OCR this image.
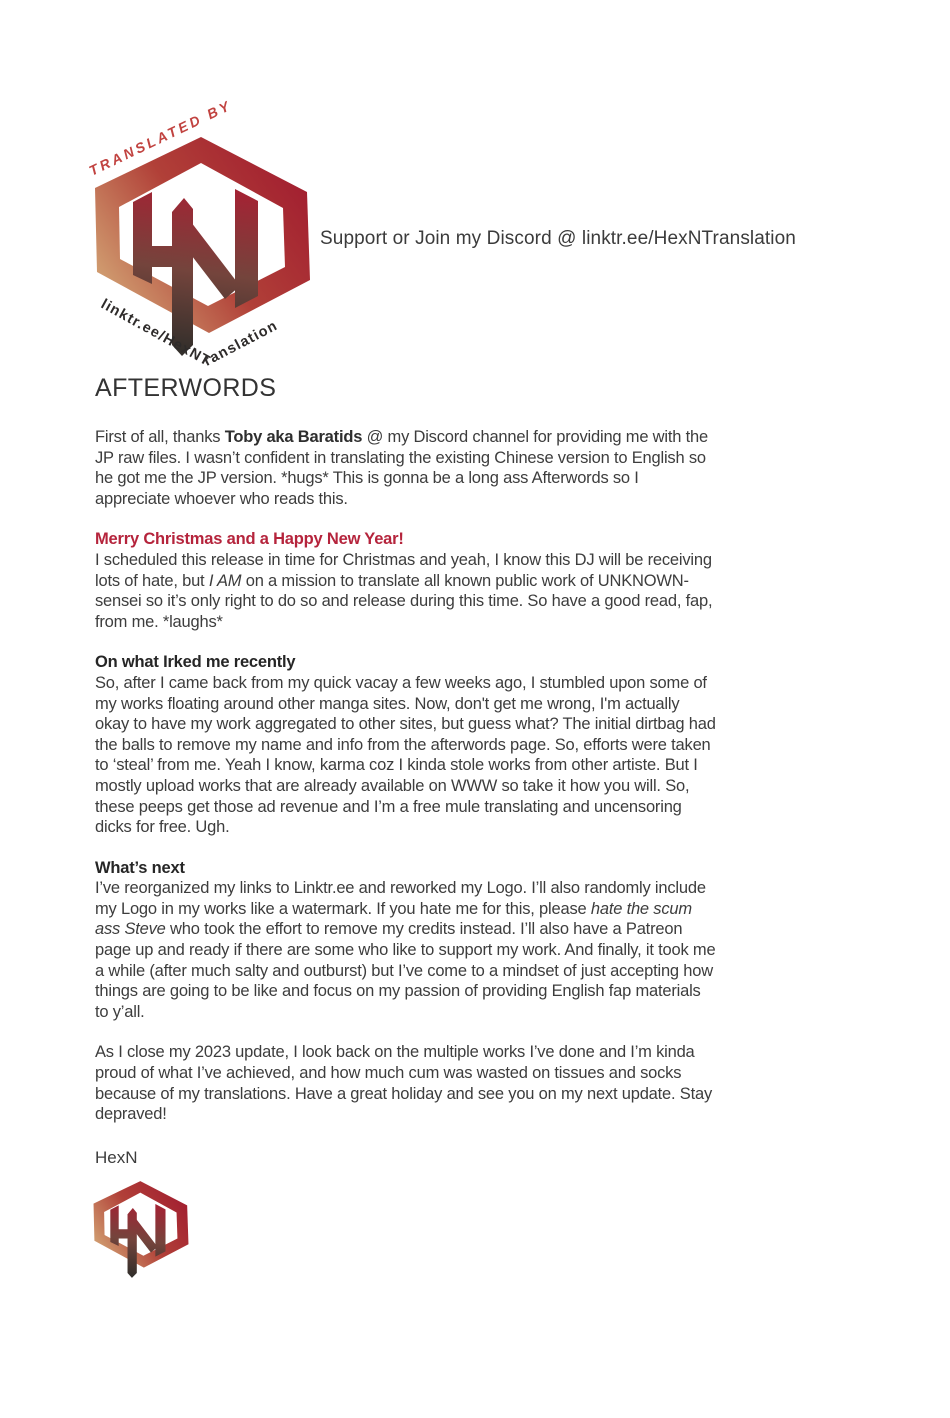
TRANSLATED BY
linktr.ee/HexNTranslation
Support or Join my Discord @ linktr.ee/HexNTranslation
AFTERWORDS

First of all, thanks Toby aka Baratids @ my Discord channel for providing me with the JP raw files. I wasn’t confident in translating the existing Chinese version to English so he got me the JP version. *hugs* This is gonna be a long ass Afterwords so I appreciate whoever who reads this.

Merry Christmas and a Happy New Year!

I scheduled this release in time for Christmas and yeah, I know this DJ will be receiving lots of hate, but I AM on a mission to translate all known public work of UNKNOWN-sensei so it’s only right to do so and release during this time. So have a good read, fap, from me. *laughs*

On what Irked me recently

So, after I came back from my quick vacay a few weeks ago, I stumbled upon some of my works floating around other manga sites. Now, don't get me wrong, I'm actually okay to have my work aggregated to other sites, but guess what? The initial dirtbag had the balls to remove my name and info from the afterwords page. So, efforts were taken to ‘steal’ from me. Yeah I know, karma coz I kinda stole works from other artiste. But I mostly upload works that are already available on WWW so take it how you will. So, these peeps get those ad revenue and I’m a free mule translating and uncensoring dicks for free. Ugh.

What’s next

I’ve reorganized my links to Linktr.ee and reworked my Logo. I’ll also randomly include my Logo in my works like a watermark. If you hate me for this, please hate the scum ass Steve who took the effort to remove my credits instead. I’ll also have a Patreon page up and ready if there are some who like to support my work. And finally, it took me a while (after much salty and outburst) but I’ve come to a mindset of just accepting how things are going to be like and focus on my passion of providing English fap materials to y’all.

As I close my 2023 update, I look back on the multiple works I’ve done and I’m kinda proud of what I’ve achieved, and how much cum was wasted on tissues and socks because of my translations. Have a great holiday and see you on my next update. Stay depraved!

HexN
